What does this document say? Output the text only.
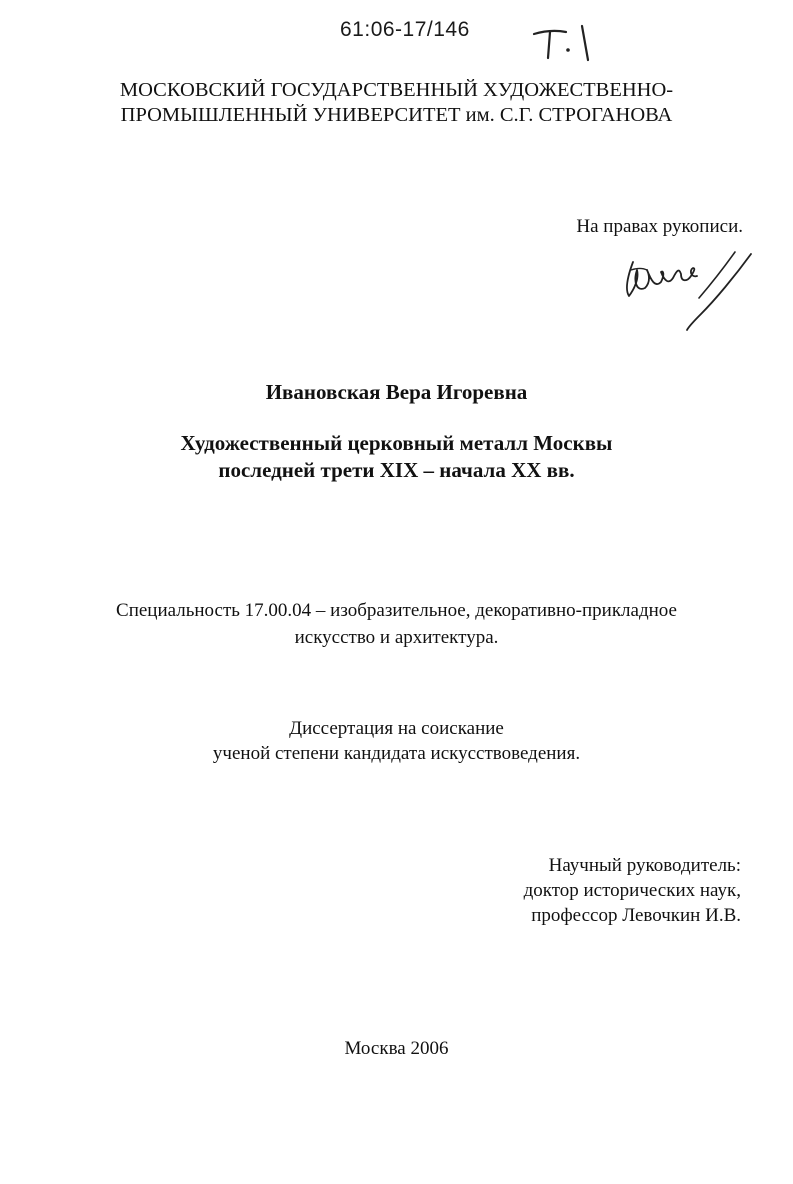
61:06-17/146
МОСКОВСКИЙ ГОСУДАРСТВЕННЫЙ ХУДОЖЕСТВЕННО-
ПРОМЫШЛЕННЫЙ УНИВЕРСИТЕТ им. С.Г. СТРОГАНОВА
На правах рукописи.
Ивановская Вера Игоревна
Художественный церковный металл Москвы
последней трети XIX – начала XX вв.
Специальность 17.00.04 – изобразительное, декоративно-прикладное
искусство и архитектура.
Диссертация на соискание
ученой степени кандидата искусствоведения.
Научный руководитель:
доктор исторических наук,
профессор Левочкин И.В.
Москва 2006
